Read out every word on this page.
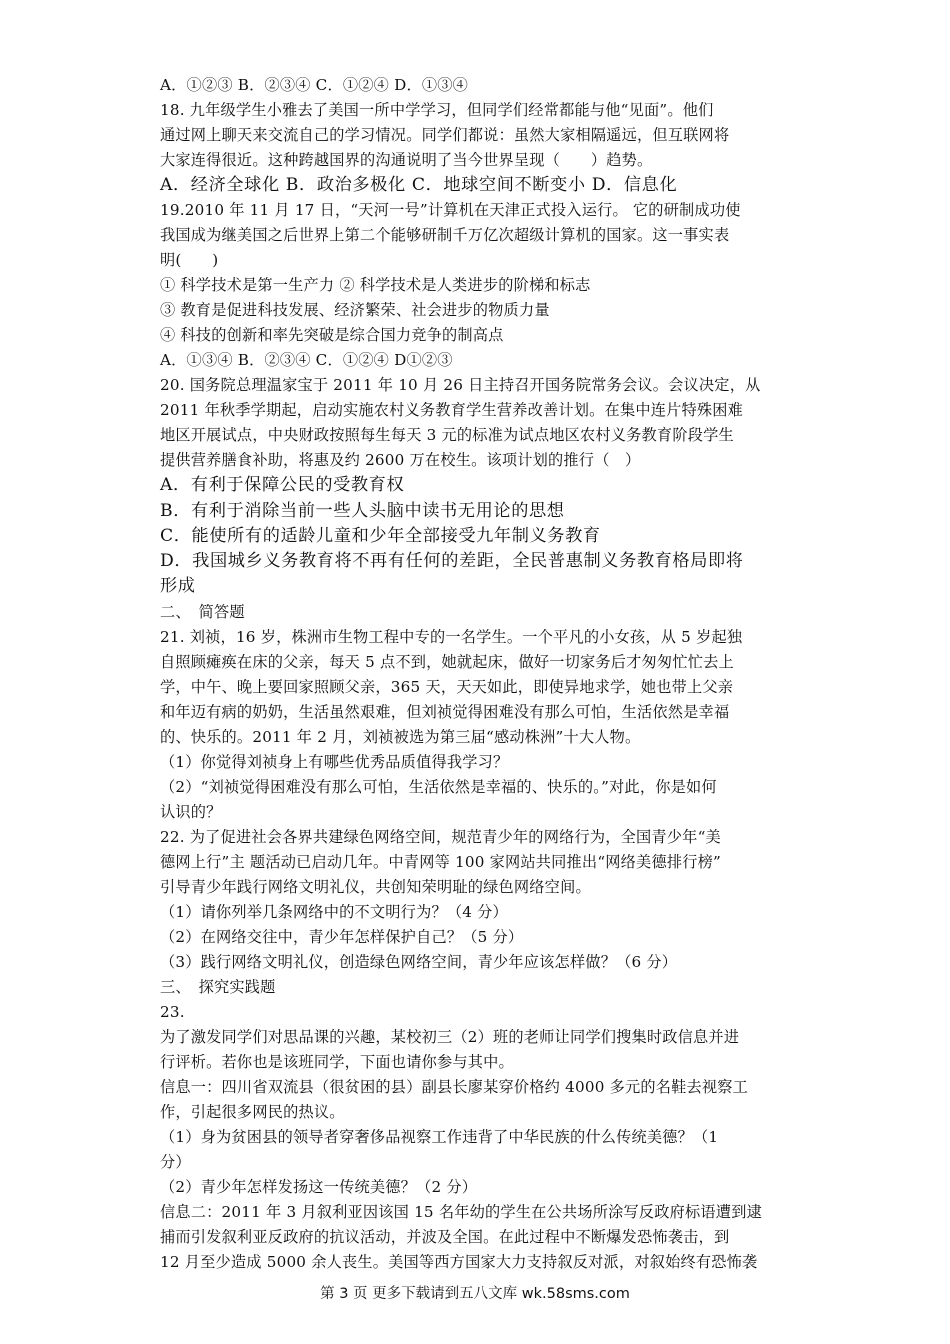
A．①②③ B．②③④ C．①②④ D．①③④

18. 九年级学生小雅去了美国一所中学学习，但同学们经常都能与他“见面”。他们

通过网上聊天来交流自己的学习情况。同学们都说：虽然大家相隔遥远，但互联网将

大家连得很近。这种跨越国界的沟通说明了当今世界呈现（　　）趋势。

A．经济全球化 B．政治多极化 C．地球空间不断变小 D．信息化

19.2010 年 11 月 17 日，“天河一号”计算机在天津正式投入运行。 它的研制成功使

我国成为继美国之后世界上第二个能够研制千万亿次超级计算机的国家。这一事实表

明(　　)

① 科学技术是第一生产力 ② 科学技术是人类进步的阶梯和标志

③ 教育是促进科技发展、经济繁荣、社会进步的物质力量

④ 科技的创新和率先突破是综合国力竞争的制高点

A．①③④ B．②③④ C．①②④ D①②③

20. 国务院总理温家宝于 2011 年 10 月 26 日主持召开国务院常务会议。会议决定，从

2011 年秋季学期起，启动实施农村义务教育学生营养改善计划。在集中连片特殊困难

地区开展试点，中央财政按照每生每天 3 元的标准为试点地区农村义务教育阶段学生

提供营养膳食补助，将惠及约 2600 万在校生。该项计划的推行（　）

A．有利于保障公民的受教育权

B．有利于消除当前一些人头脑中读书无用论的思想

C．能使所有的适龄儿童和少年全部接受九年制义务教育

D．我国城乡义务教育将不再有任何的差距，全民普惠制义务教育格局即将

形成

二、　简答题

21. 刘祯，16 岁，株洲市生物工程中专的一名学生。一个平凡的小女孩，从 5 岁起独

自照顾瘫痪在床的父亲，每天 5 点不到，她就起床，做好一切家务后才匆匆忙忙去上

学，中午、晚上要回家照顾父亲，365 天，天天如此，即使异地求学，她也带上父亲

和年迈有病的奶奶，生活虽然艰难，但刘祯觉得困难没有那么可怕，生活依然是幸福

的、快乐的。2011 年 2 月，刘祯被选为第三届“感动株洲”十大人物。

（1）你觉得刘祯身上有哪些优秀品质值得我学习？

（2）“刘祯觉得困难没有那么可怕，生活依然是幸福的、快乐的。”对此，你是如何

认识的？

22. 为了促进社会各界共建绿色网络空间，规范青少年的网络行为，全国青少年“美

德网上行”主 题活动已启动几年。中青网等 100 家网站共同推出“网络美德排行榜”

引导青少年践行网络文明礼仪，共创知荣明耻的绿色网络空间。

（1）请你列举几条网络中的不文明行为？（4 分）

（2）在网络交往中，青少年怎样保护自己？（5 分）

（3）践行网络文明礼仪，创造绿色网络空间，青少年应该怎样做？（6 分）

三、　探究实践题

23.

为了激发同学们对思品课的兴趣，某校初三（2）班的老师让同学们搜集时政信息并进

行评析。若你也是该班同学，下面也请你参与其中。

信息一：四川省双流县（很贫困的县）副县长廖某穿价格约 4000 多元的名鞋去视察工

作，引起很多网民的热议。

（1）身为贫困县的领导者穿奢侈品视察工作违背了中华民族的什么传统美德？（1

分）

（2）青少年怎样发扬这一传统美德？（2 分）

信息二：2011 年 3 月叙利亚因该国 15 名年幼的学生在公共场所涂写反政府标语遭到逮

捕而引发叙利亚反政府的抗议活动，并波及全国。在此过程中不断爆发恐怖袭击，到

12 月至少造成 5000 余人丧生。美国等西方国家大力支持叙反对派，对叙始终有恐怖袭

第 3 页 更多下载请到五八文库 wk.58sms.com
